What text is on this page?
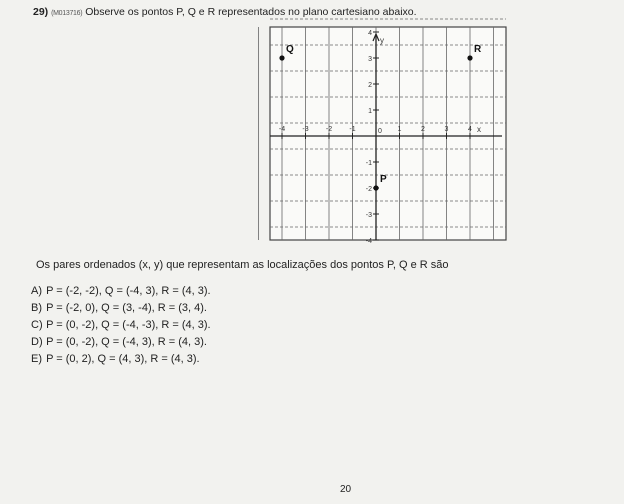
29) (M013716) Observe os pontos P, Q e R representados no plano cartesiano abaixo.
y
x
0
-4 -3 -2 -1	1	2	3	4
4
3
2
1
-1
-2
-3
-4
Q	R
P
Os pares ordenados (x, y) que representam as localizações dos pontos P, Q e R são
A) P = (-2, -2), Q = (-4, 3), R = (4, 3).
B) P = (-2, 0), Q = (3, -4), R = (3, 4).
C) P = (0, -2), Q = (-4, -3), R = (4, 3).
D) P = (0, -2), Q = (-4, 3), R = (4, 3).
E) P = (0, 2), Q = (4, 3), R = (4, 3).
20
